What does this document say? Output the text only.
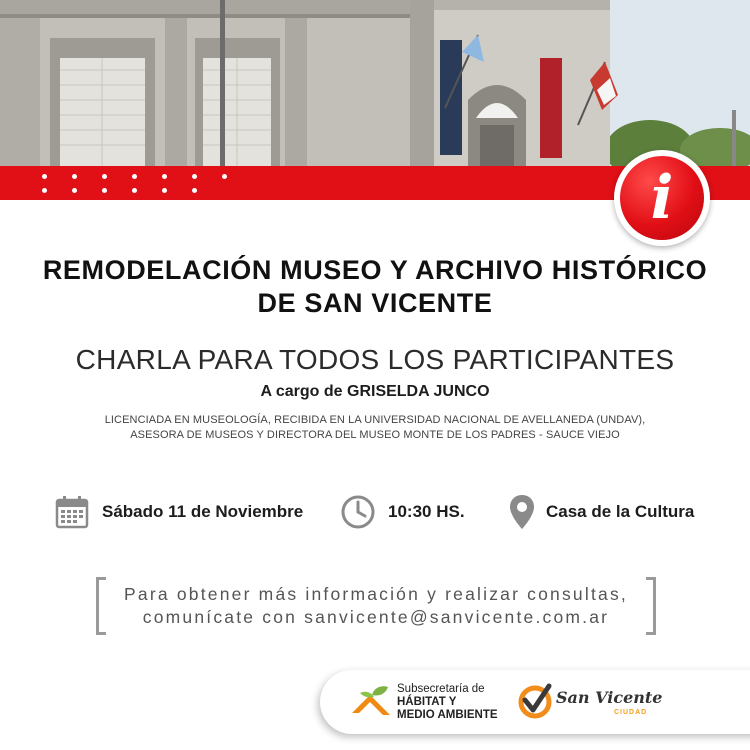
i
REMODELACIÓN MUSEO Y ARCHIVO HISTÓRICO
DE SAN VICENTE
CHARLA PARA TODOS LOS PARTICIPANTES
A cargo de GRISELDA JUNCO
LICENCIADA EN MUSEOLOGÍA, RECIBIDA EN LA UNIVERSIDAD NACIONAL DE AVELLANEDA (UNDAV),
ASESORA DE MUSEOS Y DIRECTORA DEL MUSEO MONTE DE LOS PADRES - SAUCE VIEJO
Sábado 11 de Noviembre	10:30 HS.	Casa de la Cultura
Para obtener más información y realizar consultas,
comunícate con sanvicente@sanvicente.com.ar
Subsecretaría de
HÁBITAT Y
MEDIO AMBIENTE
San Vicente
CIUDAD
